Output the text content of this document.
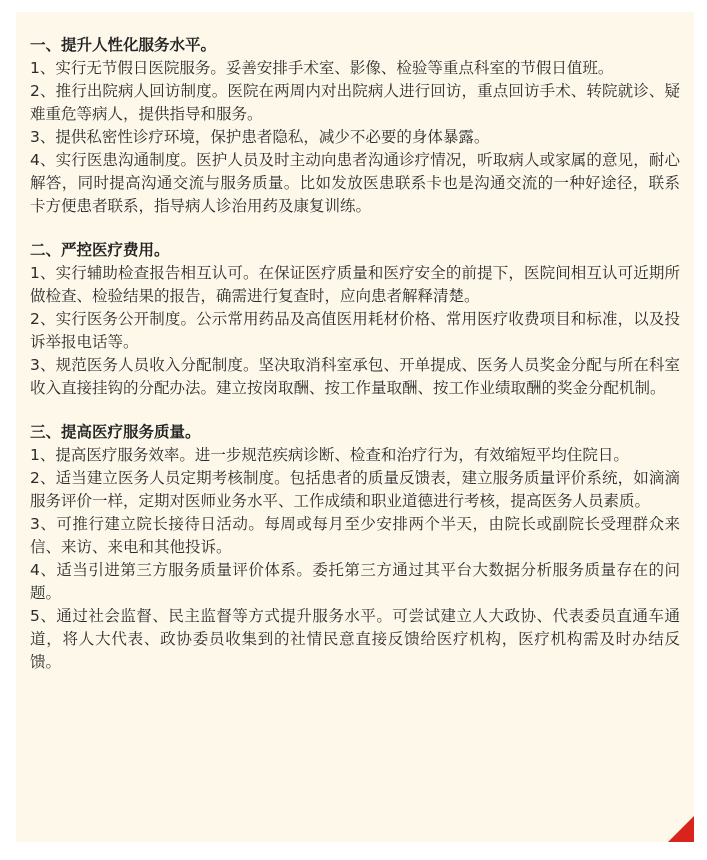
一、提升人性化服务水平。

1、实行无节假日医院服务。妥善安排手术室、影像、检验等重点科室的节假日值班。

2、推行出院病人回访制度。医院在两周内对出院病人进行回访，重点回访手术、转院就诊、疑难重危等病人，提供指导和服务。

3、提供私密性诊疗环境，保护患者隐私，减少不必要的身体暴露。

4、实行医患沟通制度。医护人员及时主动向患者沟通诊疗情况，听取病人或家属的意见，耐心解答，同时提高沟通交流与服务质量。比如发放医患联系卡也是沟通交流的一种好途径，联系卡方便患者联系，指导病人诊治用药及康复训练。

二、严控医疗费用。

1、实行辅助检查报告相互认可。在保证医疗质量和医疗安全的前提下，医院间相互认可近期所做检查、检验结果的报告，确需进行复查时，应向患者解释清楚。

2、实行医务公开制度。公示常用药品及高值医用耗材价格、常用医疗收费项目和标准，以及投诉举报电话等。

3、规范医务人员收入分配制度。坚决取消科室承包、开单提成、医务人员奖金分配与所在科室收入直接挂钩的分配办法。建立按岗取酬、按工作量取酬、按工作业绩取酬的奖金分配机制。

三、提高医疗服务质量。

1、提高医疗服务效率。进一步规范疾病诊断、检查和治疗行为，有效缩短平均住院日。

2、适当建立医务人员定期考核制度。包括患者的质量反馈表，建立服务质量评价系统，如滴滴服务评价一样，定期对医师业务水平、工作成绩和职业道德进行考核，提高医务人员素质。

3、可推行建立院长接待日活动。每周或每月至少安排两个半天，由院长或副院长受理群众来信、来访、来电和其他投诉。

4、适当引进第三方服务质量评价体系。委托第三方通过其平台大数据分析服务质量存在的问题。

5、通过社会监督、民主监督等方式提升服务水平。可尝试建立人大政协、代表委员直通车通道，将人大代表、政协委员收集到的社情民意直接反馈给医疗机构，医疗机构需及时办结反馈。
